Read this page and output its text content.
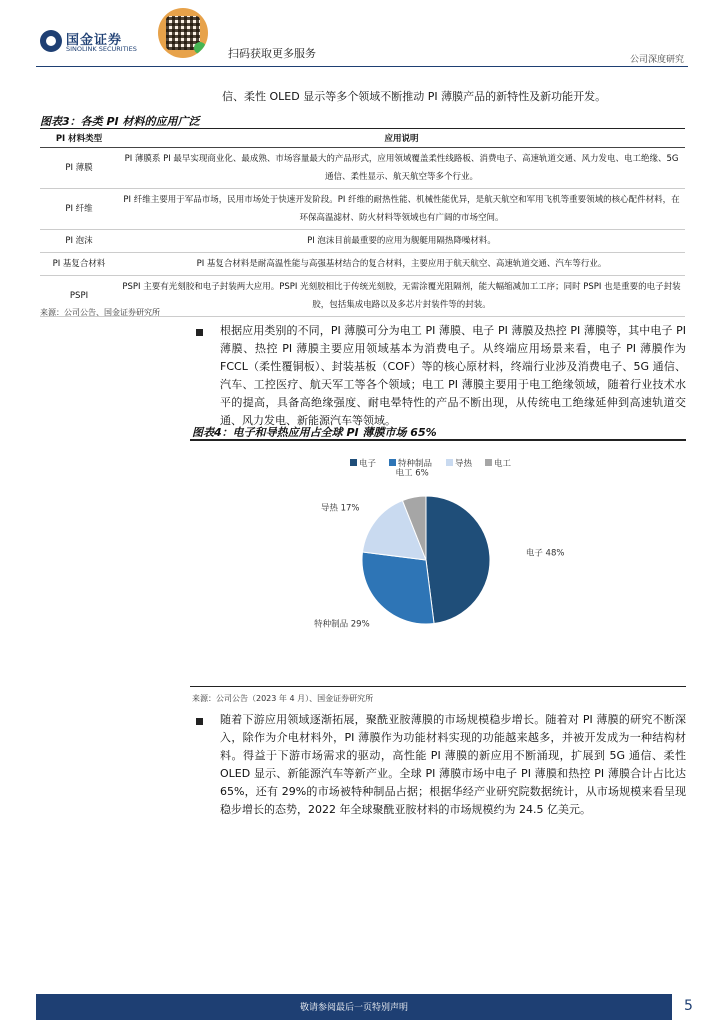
国金证券
SINOLINK SECURITIES	扫码获取更多服务	公司深度研究
信、柔性 OLED 显示等多个领域不断推动 PI 薄膜产品的新特性及新功能开发。
图表3：各类 PI 材料的应用广泛
PI 材料类型	应用说明
PI 薄膜	PI 薄膜系 PI 最早实现商业化、最成熟、市场容量最大的产品形式，应用领域覆盖柔性线路板、消费电子、高速轨道交通、风力发电、电工绝缘、5G 通信、柔性显示、航天航空等多个行业。
PI 纤维	PI 纤维主要用于军品市场，民用市场处于快速开发阶段。PI 纤维的耐热性能、机械性能优异，是航天航空和军用飞机等重要领域的核心配件材料，在环保高温滤材、防火材料等领域也有广阔的市场空间。
PI 泡沫	PI 泡沫目前最重要的应用为舰艇用隔热降噪材料。
PI 基复合材料	PI 基复合材料是耐高温性能与高强基材结合的复合材料，主要应用于航天航空、高速轨道交通、汽车等行业。
PSPI	PSPI 主要有光刻胶和电子封装两大应用。PSPI 光刻胶相比于传统光刻胶，无需涂覆光阻隔剂，能大幅缩减加工工序；同时 PSPI 也是重要的电子封装胶，包括集成电路以及多芯片封装件等的封装。
来源：公司公告、国金证券研究所
根据应用类别的不同，PI 薄膜可分为电工 PI 薄膜、电子 PI 薄膜及热控 PI 薄膜等，其中电子 PI 薄膜、热控 PI 薄膜主要应用领域基本为消费电子。从终端应用场景来看，电子 PI 薄膜作为 FCCL（柔性覆铜板）、封装基板（COF）等的核心原材料，终端行业涉及消费电子、5G 通信、汽车、工控医疗、航天军工等各个领域；电工 PI 薄膜主要用于电工绝缘领域，随着行业技术水平的提高，具备高绝缘强度、耐电晕特性的产品不断出现，从传统电工绝缘延伸到高速轨道交通、风力发电、新能源汽车等领域。
图表4：电子和导热应用占全球 PI 薄膜市场 65%
电子	特种制品	导热	电工
电子 48%
特种制品 29%
导热 17%
电工 6%
来源：公司公告（2023 年 4 月）、国金证券研究所
随着下游应用领域逐渐拓展，聚酰亚胺薄膜的市场规模稳步增长。随着对 PI 薄膜的研究不断深入，除作为介电材料外，PI 薄膜作为功能材料实现的功能越来越多，并被开发成为一种结构材料。得益于下游市场需求的驱动，高性能 PI 薄膜的新应用不断涌现，扩展到 5G 通信、柔性 OLED 显示、新能源汽车等新产业。全球 PI 薄膜市场中电子 PI 薄膜和热控 PI 薄膜合计占比达 65%，还有 29%的市场被特种制品占据；根据华经产业研究院数据统计，从市场规模来看呈现稳步增长的态势，2022 年全球聚酰亚胺材料的市场规模约为 24.5 亿美元。
敬请参阅最后一页特别声明	5
